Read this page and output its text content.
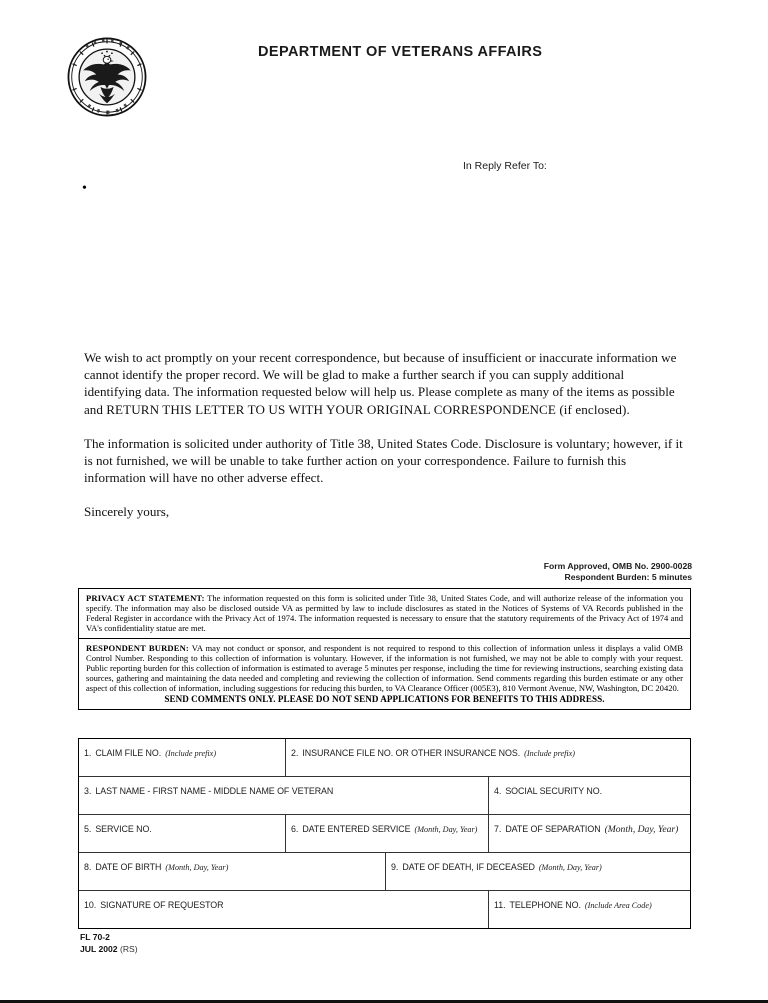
DEPARTMENT OF VETERANS AFFAIRS
In Reply Refer To:
•

We wish to act promptly on your recent correspondence, but because of insufficient or inaccurate information we cannot identify the proper record. We will be glad to make a further search if you can supply additional identifying data. The information requested below will help us. Please complete as many of the items as possible and RETURN THIS LETTER TO US WITH YOUR ORIGINAL CORRESPONDENCE (if enclosed).

The information is solicited under authority of Title 38, United States Code. Disclosure is voluntary; however, if it is not furnished, we will be unable to take further action on your correspondence. Failure to furnish this information will have no other adverse effect.

Sincerely yours,

Form Approved, OMB No. 2900-0028
Respondent Burden: 5 minutes
PRIVACY ACT STATEMENT: The information requested on this form is solicited under Title 38, United States Code, and will authorize release of the information you specify. The information may also be disclosed outside VA as permitted by law to include disclosures as stated in the Notices of Systems of VA Records published in the Federal Register in accordance with the Privacy Act of 1974. The information requested is necessary to ensure that the statutory requirements of the Privacy Act of 1974 and VA's confidentiality statue are met.
RESPONDENT BURDEN: VA may not conduct or sponsor, and respondent is not required to respond to this collection of information unless it displays a valid OMB Control Number. Responding to this collection of information is voluntary. However, if the information is not furnished, we may not be able to comply with your request. Public reporting burden for this collection of information is estimated to average 5 minutes per response, including the time for reviewing instructions, searching existing data sources, gathering and maintaining the data needed and completing and reviewing the collection of information. Send comments regarding this burden estimate or any other aspect of this collection of information, including suggestions for reducing this burden, to VA Clearance Officer (005E3), 810 Vermont Avenue, NW, Washington, DC 20420.
SEND COMMENTS ONLY. PLEASE DO NOT SEND APPLICATIONS FOR BENEFITS TO THIS ADDRESS.
1. CLAIM FILE NO. (Include prefix)	2. INSURANCE FILE NO. OR OTHER INSURANCE NOS. (Include prefix)
3. LAST NAME - FIRST NAME - MIDDLE NAME OF VETERAN	4. SOCIAL SECURITY NO.
5. SERVICE NO.	6. DATE ENTERED SERVICE (Month, Day, Year)	7. DATE OF SEPARATION (Month, Day, Year)
8. DATE OF BIRTH (Month, Day, Year)	9. DATE OF DEATH, IF DECEASED (Month, Day, Year)
10. SIGNATURE OF REQUESTOR	11. TELEPHONE NO. (Include Area Code)
FL 70-2
JUL 2002 (RS)
